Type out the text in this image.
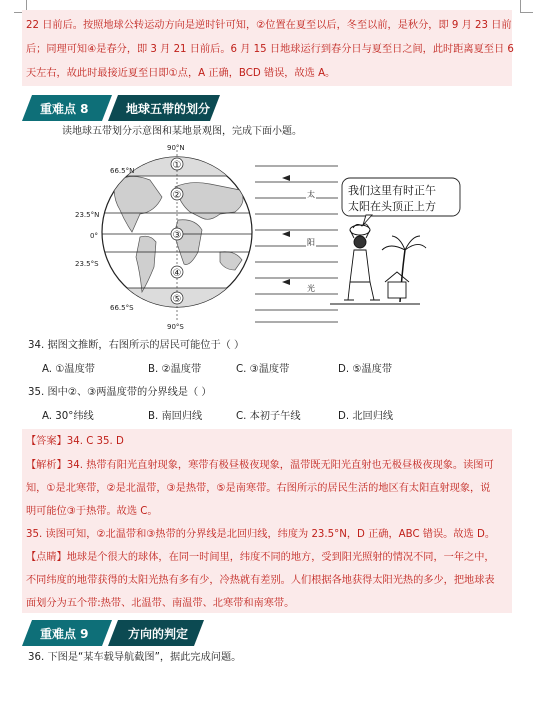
22 日前后。按照地球公转运动方向是逆时针可知，②位置在夏至以后，冬至以前，是秋分，即 9 月 23 日前
后；同理可知④是春分，即 3 月 21 日前后。6 月 15 日地球运行到春分日与夏至日之间，此时距离夏至日 6
天左右，故此时最接近夏至日即①点，A 正确，BCD 错误，故选 A。
重难点 8	地球五带的划分
读地球五带划分示意图和某地景观图，完成下面小题。
①
②
③
④
⑤
90°N
66.5°N
23.5°N
0°
23.5°S
66.5°S
90°S
太
阳
光
我们这里有时正午
太阳在头顶正上方
34. 据图文推断，右图所示的居民可能位于（ ）
A. ①温度带	B. ②温度带	C. ③温度带	D. ⑤温度带
35. 图中②、③两温度带的分界线是（ ）
A. 30°纬线	B. 南回归线	C. 本初子午线	D. 北回归线
【答案】34. C 35. D
【解析】34. 热带有阳光直射现象，寒带有极昼极夜现象，温带既无阳光直射也无极昼极夜现象。读图可
知，①是北寒带，②是北温带，③是热带，⑤是南寒带。右图所示的居民生活的地区有太阳直射现象，说
明可能位③于热带。故选 C。
35. 读图可知，②北温带和③热带的分界线是北回归线，纬度为 23.5°N，D 正确，ABC 错误。故选 D。
【点睛】地球是个很大的球体，在同一时间里，纬度不同的地方，受到阳光照射的情况不同，一年之中，
不同纬度的地带获得的太阳光热有多有少，冷热就有差别。人们根据各地获得太阳光热的多少，把地球表
面划分为五个带:热带、北温带、南温带、北寒带和南寒带。
重难点 9	方向的判定
36. 下图是“某车载导航截图”，据此完成问题。
